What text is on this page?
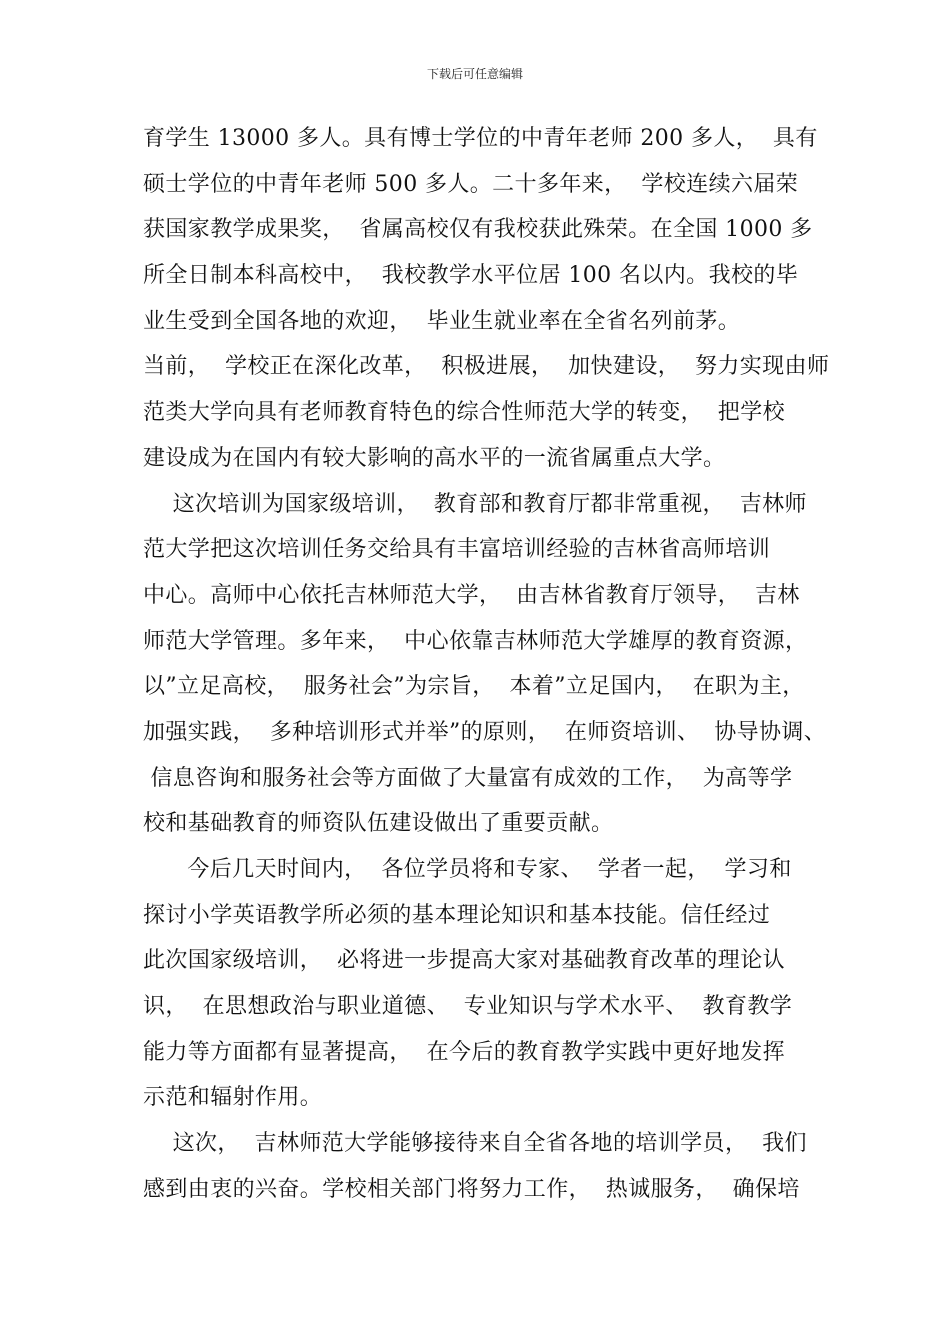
下载后可任意编辑
育学生 13000 多人。具有博士学位的中青年老师 200 多人，  具有
硕士学位的中青年老师 500 多人。二十多年来，  学校连续六届荣
获国家教学成果奖，  省属高校仅有我校获此殊荣。在全国 1000 多
所全日制本科高校中，  我校教学水平位居 100 名以内。我校的毕
业生受到全国各地的欢迎，  毕业生就业率在全省名列前茅。
当前，  学校正在深化改革，  积极进展，  加快建设，  努力实现由师
范类大学向具有老师教育特色的综合性师范大学的转变，  把学校
建设成为在国内有较大影响的高水平的一流省属重点大学。
这次培训为国家级培训，  教育部和教育厅都非常重视，  吉林师
范大学把这次培训任务交给具有丰富培训经验的吉林省高师培训
中心。高师中心依托吉林师范大学，  由吉林省教育厅领导，  吉林
师范大学管理。多年来，  中心依靠吉林师范大学雄厚的教育资源，
以”立足高校，  服务社会”为宗旨，  本着”立足国内，  在职为主，
加强实践，  多种培训形式并举”的原则，  在师资培训、  协导协调、
信息咨询和服务社会等方面做了大量富有成效的工作，  为高等学
校和基础教育的师资队伍建设做出了重要贡献。
今后几天时间内，  各位学员将和专家、  学者一起，  学习和
探讨小学英语教学所必须的基本理论知识和基本技能。信任经过
此次国家级培训，  必将进一步提高大家对基础教育改革的理论认
识，  在思想政治与职业道德、  专业知识与学术水平、  教育教学
能力等方面都有显著提高，  在今后的教育教学实践中更好地发挥
示范和辐射作用。
这次，  吉林师范大学能够接待来自全省各地的培训学员，  我们
感到由衷的兴奋。学校相关部门将努力工作，  热诚服务，  确保培
